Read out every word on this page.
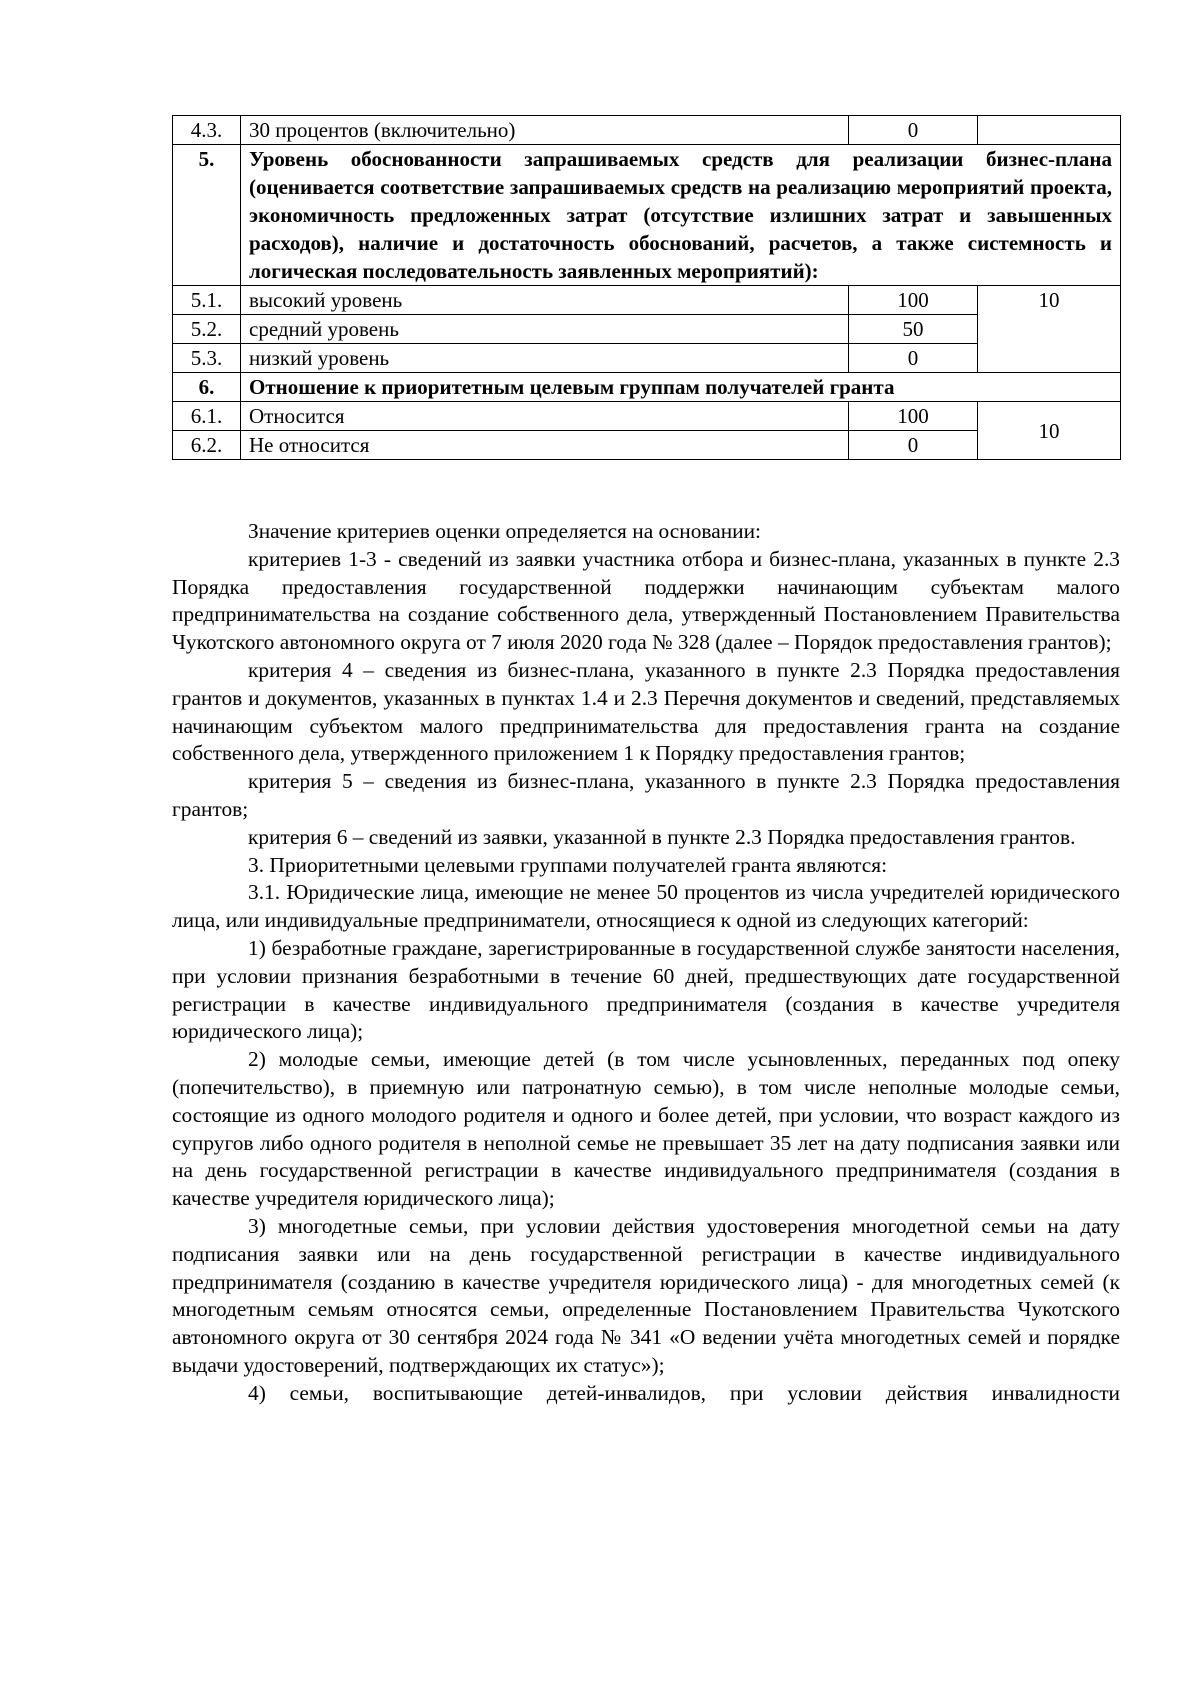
4.3.	30 процентов (включительно)	0	
5.	Уровень обоснованности запрашиваемых средств для реализации бизнес-плана (оценивается соответствие запрашиваемых средств на реализацию мероприятий проекта, экономичность предложенных затрат (отсутствие излишних затрат и завышенных расходов), наличие и достаточность обоснований, расчетов, а также системность и логическая последовательность заявленных мероприятий):		
5.1.	высокий уровень	100	10
5.2.	средний уровень	50	
5.3.	низкий уровень	0	
6.	Отношение к приоритетным целевым группам получателей гранта		
6.1.	Относится	100	10
6.2.	Не относится	0	

Значение критериев оценки определяется на основании:

критериев 1-3 - сведений из заявки участника отбора и бизнес-плана, указанных в пункте 2.3 Порядка предоставления государственной поддержки начинающим субъектам малого предпринимательства на создание собственного дела, утвержденный Постановлением Правительства Чукотского автономного округа от 7 июля 2020 года № 328 (далее – Порядок предоставления грантов);

критерия 4 – сведения из бизнес-плана, указанного в пункте 2.3 Порядка предоставления грантов и документов, указанных в пунктах 1.4 и 2.3 Перечня документов и сведений, представляемых начинающим субъектом малого предпринимательства для предоставления гранта на создание собственного дела, утвержденного приложением 1 к Порядку предоставления грантов;

критерия 5 – сведения из бизнес-плана, указанного в пункте 2.3 Порядка предоставления грантов;

критерия 6 – сведений из заявки, указанной в пункте 2.3 Порядка предоставления грантов.

3. Приоритетными целевыми группами получателей гранта являются:

3.1. Юридические лица, имеющие не менее 50 процентов из числа учредителей юридического лица, или индивидуальные предприниматели, относящиеся к одной из следующих категорий:

1) безработные граждане, зарегистрированные в государственной службе занятости населения, при условии признания безработными в течение 60 дней, предшествующих дате государственной регистрации в качестве индивидуального предпринимателя (создания в качестве учредителя юридического лица);

2) молодые семьи, имеющие детей (в том числе усыновленных, переданных под опеку (попечительство), в приемную или патронатную семью), в том числе неполные молодые семьи, состоящие из одного молодого родителя и одного и более детей, при условии, что возраст каждого из супругов либо одного родителя в неполной семье не превышает 35 лет на дату подписания заявки или на день государственной регистрации в качестве индивидуального предпринимателя (создания в качестве учредителя юридического лица);

3) многодетные семьи, при условии действия удостоверения многодетной семьи на дату подписания заявки или на день государственной регистрации в качестве индивидуального предпринимателя (созданию в качестве учредителя юридического лица) - для многодетных семей (к многодетным семьям относятся семьи, определенные Постановлением Правительства Чукотского автономного округа от 30 сентября 2024 года № 341 «О ведении учёта многодетных семей и порядке выдачи удостоверений, подтверждающих их статус»);

4) семьи, воспитывающие детей-инвалидов, при условии действия инвалидности
